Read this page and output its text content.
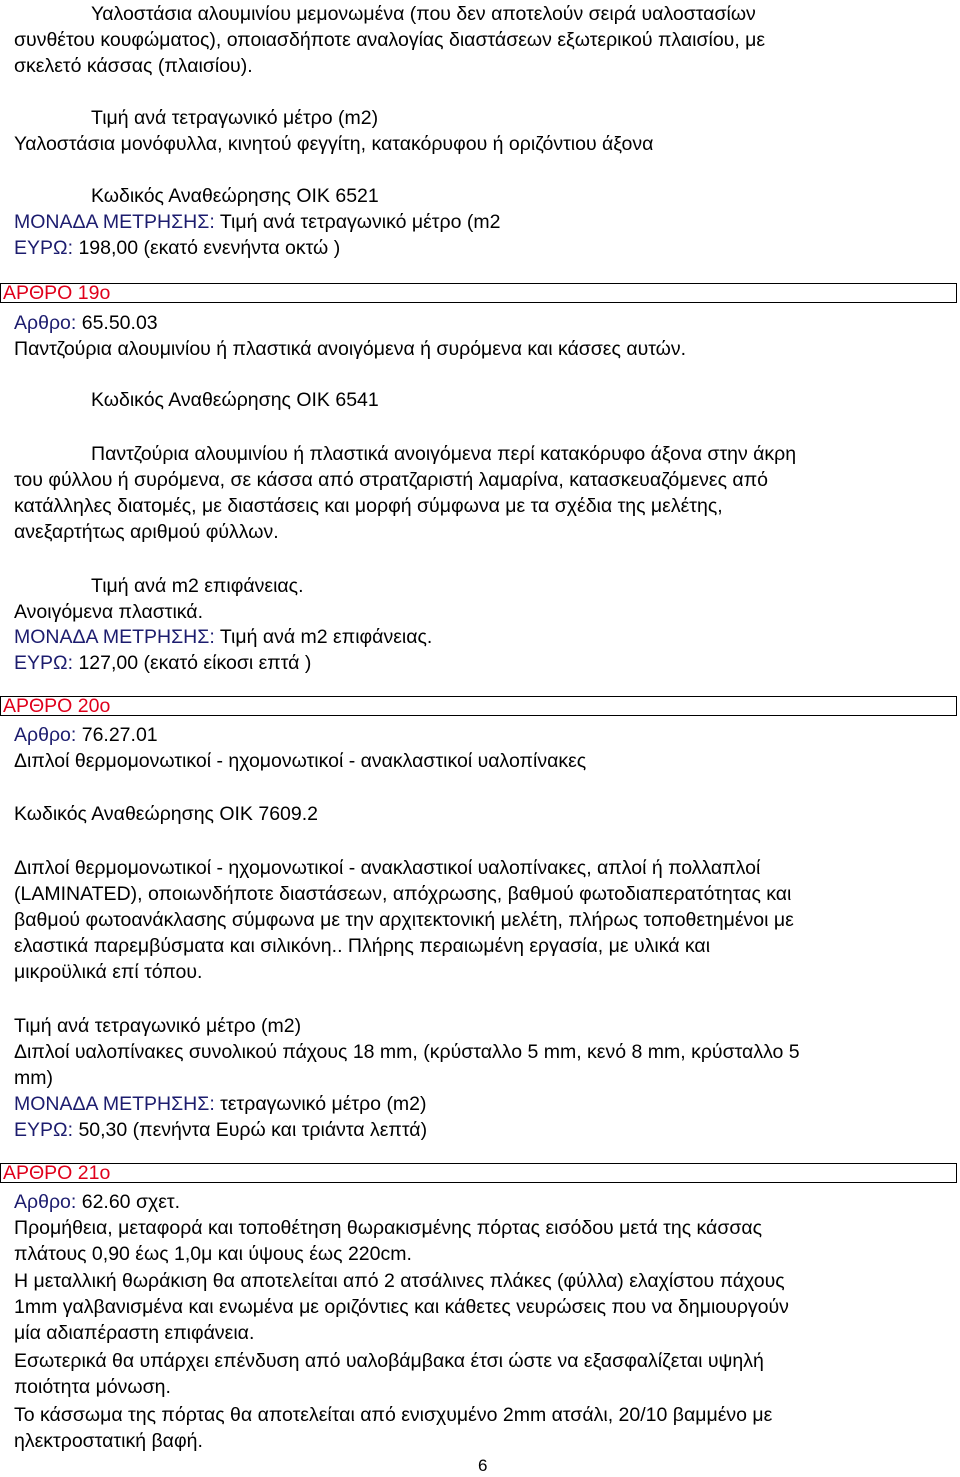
Υαλοστάσια αλουμινίου μεμονωμένα (που δεν αποτελούν σειρά υαλοστασίων
συνθέτου κουφώματος), οποιασδήποτε αναλογίας διαστάσεων εξωτερικού πλαισίου, με
σκελετό κάσσας (πλαισίου).
Τιμή ανά τετραγωνικό μέτρο (m2)
Υαλοστάσια μονόφυλλα, κινητού φεγγίτη, κατακόρυφου ή οριζόντιου άξονα
Κωδικός Αναθεώρησης ΟΙΚ 6521
ΜΟΝΑΔΑ ΜΕΤΡΗΣΗΣ: Τιμή ανά τετραγωνικό μέτρο (m2
ΕΥΡΩ: 198,00 (εκατό ενενήντα οκτώ )
ΑΡΘΡΟ 19ο
Αρθρο: 65.50.03
Παντζούρια αλουμινίου ή πλαστικά ανοιγόμενα ή συρόμενα και κάσσες αυτών.
Κωδικός Αναθεώρησης ΟΙΚ 6541
Παντζούρια αλουμινίου ή πλαστικά ανοιγόμενα περί κατακόρυφο άξονα στην άκρη
του φύλλου ή συρόμενα, σε κάσσα από στρατζαριστή λαμαρίνα, κατασκευαζόμενες από
κατάλληλες διατομές, με διαστάσεις και μορφή σύμφωνα με τα σχέδια της μελέτης,
ανεξαρτήτως αριθμού φύλλων.
Τιμή ανά m2 επιφάνειας.
Ανοιγόμενα πλαστικά.
ΜΟΝΑΔΑ ΜΕΤΡΗΣΗΣ: Τιμή ανά m2 επιφάνειας.
ΕΥΡΩ: 127,00 (εκατό είκοσι επτά )
ΑΡΘΡΟ 20ο
Αρθρο: 76.27.01
Διπλοί θερμομονωτικοί - ηχομονωτικοί - ανακλαστικοί υαλοπίνακες
Κωδικός Αναθεώρησης ΟΙΚ 7609.2
Διπλοί θερμομονωτικοί - ηχομονωτικοί - ανακλαστικοί υαλοπίνακες, απλοί ή πολλαπλοί
(LAMINATED), οποιωνδήποτε διαστάσεων, απόχρωσης, βαθμού φωτοδιαπερατότητας και
βαθμού φωτοανάκλασης σύμφωνα με την αρχιτεκτονική μελέτη, πλήρως τοποθετημένοι με
ελαστικά παρεμβύσματα και σιλικόνη.. Πλήρης περαιωμένη εργασία, με υλικά και
μικροϋλικά επί τόπου.
Τιμή ανά τετραγωνικό μέτρο (m2)
Διπλοί υαλοπίνακες συνολικού πάχους 18 mm, (κρύσταλλο 5 mm, κενό 8 mm, κρύσταλλο 5
mm)
ΜΟΝΑΔΑ ΜΕΤΡΗΣΗΣ: τετραγωνικό μέτρο (m2)
ΕΥΡΩ: 50,30 (πενήντα Ευρώ και τριάντα λεπτά)
ΑΡΘΡΟ 21ο
Αρθρο: 62.60 σχετ.
Προμήθεια, μεταφορά και τοποθέτηση θωρακισμένης πόρτας εισόδου μετά της κάσσας
πλάτους 0,90 έως 1,0μ και ύψους έως 220cm.
Η μεταλλική θωράκιση θα αποτελείται από 2 ατσάλινες πλάκες (φύλλα) ελαχίστου πάχους
1mm γαλβανισμένα και ενωμένα με οριζόντιες και κάθετες νευρώσεις που να δημιουργούν
μία αδιαπέραστη επιφάνεια.
Εσωτερικά θα υπάρχει επένδυση από υαλοβάμβακα έτσι ώστε να εξασφαλίζεται υψηλή
ποιότητα μόνωση.
Το κάσσωμα της πόρτας θα αποτελείται από ενισχυμένο 2mm ατσάλι, 20/10 βαμμένο με
ηλεκτροστατική βαφή.
6
